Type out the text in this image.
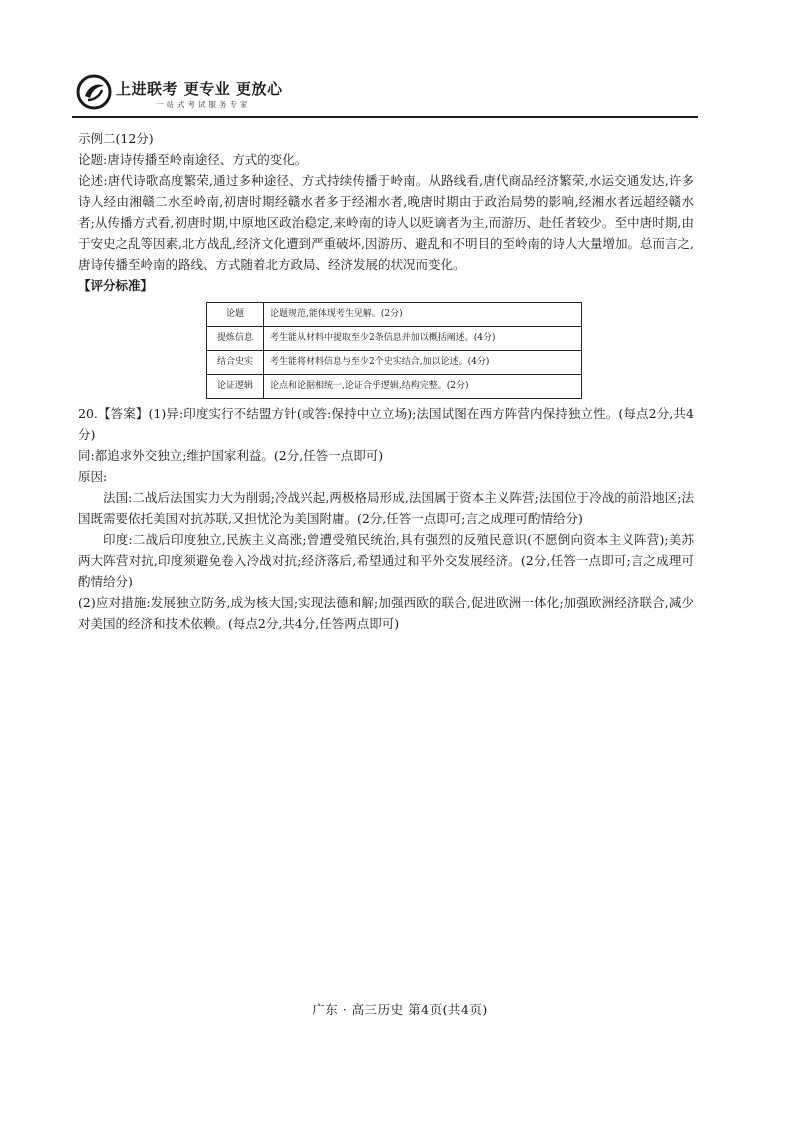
上进联考 更专业 更放心
一站式考试服务专家

示例二(12分)

论题:唐诗传播至岭南途径、方式的变化。

论述:唐代诗歌高度繁荣,通过多种途径、方式持续传播于岭南。从路线看,唐代商品经济繁荣,水运交通发达,许多诗人经由湘赣二水至岭南,初唐时期经赣水者多于经湘水者,晚唐时期由于政治局势的影响,经湘水者远超经赣水者;从传播方式看,初唐时期,中原地区政治稳定,来岭南的诗人以贬谪者为主,而游历、赴任者较少。至中唐时期,由于安史之乱等因素,北方战乱,经济文化遭到严重破坏,因游历、避乱和不明目的至岭南的诗人大量增加。总而言之,唐诗传播至岭南的路线、方式随着北方政局、经济发展的状况而变化。

【评分标准】

论题	论题规范,能体现考生见解。(2分)
提炼信息	考生能从材料中提取至少2条信息并加以概括阐述。(4分)
结合史实	考生能将材料信息与至少2个史实结合,加以论述。(4分)
论证逻辑	论点和论据相统一,论证合乎逻辑,结构完整。(2分)

20.【答案】(1)异:印度实行不结盟方针(或答:保持中立立场);法国试图在西方阵营内保持独立性。(每点2分,共4分)

同:都追求外交独立;维护国家利益。(2分,任答一点即可)

原因:

法国:二战后法国实力大为削弱;冷战兴起,两极格局形成,法国属于资本主义阵营;法国位于冷战的前沿地区;法国既需要依托美国对抗苏联,又担忧沦为美国附庸。(2分,任答一点即可;言之成理可酌情给分)

印度:二战后印度独立,民族主义高涨;曾遭受殖民统治,具有强烈的反殖民意识(不愿倒向资本主义阵营);美苏两大阵营对抗,印度须避免卷入冷战对抗;经济落后,希望通过和平外交发展经济。(2分,任答一点即可;言之成理可酌情给分)

(2)应对措施:发展独立防务,成为核大国;实现法德和解;加强西欧的联合,促进欧洲一体化;加强欧洲经济联合,减少对美国的经济和技术依赖。(每点2分,共4分,任答两点即可)

广东 · 高三历史 第4页(共4页)
